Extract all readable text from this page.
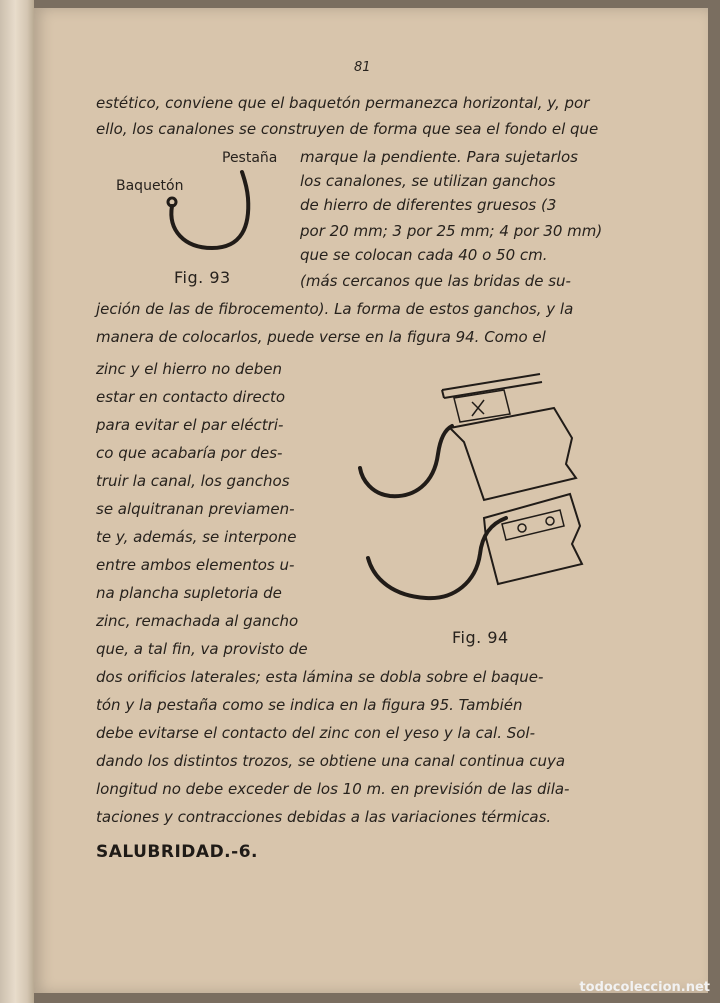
81
Pestaña
Baquetón
Fig. 93
Fig. 94
estético, conviene que el baquetón permanezca horizontal, y, por
ello, los canalones se construyen de forma que sea el fondo el que
marque la pendiente. Para sujetarlos
los canalones, se utilizan ganchos
de hierro de diferentes gruesos (3
por 20 mm; 3 por 25 mm; 4 por 30 mm)
que se colocan cada 40 o 50 cm.
(más cercanos que las bridas de su-
jeción de las de fibrocemento). La forma de estos ganchos, y la
manera de colocarlos, puede verse en la figura 94. Como el
zinc y el hierro no deben
estar en contacto directo
para evitar el par eléctri-
co que acabaría por des-
truir la canal, los ganchos
se alquitranan previamen-
te y, además, se interpone
entre ambos elementos u-
na plancha supletoria de
zinc, remachada al gancho
que, a tal fin, va provisto de
dos orificios laterales; esta lámina se dobla sobre el baque-
tón y la pestaña como se indica en la figura 95. También
debe evitarse el contacto del zinc con el yeso y la cal. Sol-
dando los distintos trozos, se obtiene una canal continua cuya
longitud no debe exceder de los 10 m. en previsión de las dila-
taciones y contracciones debidas a las variaciones térmicas.
SALUBRIDAD.-6.
todocoleccion.net
